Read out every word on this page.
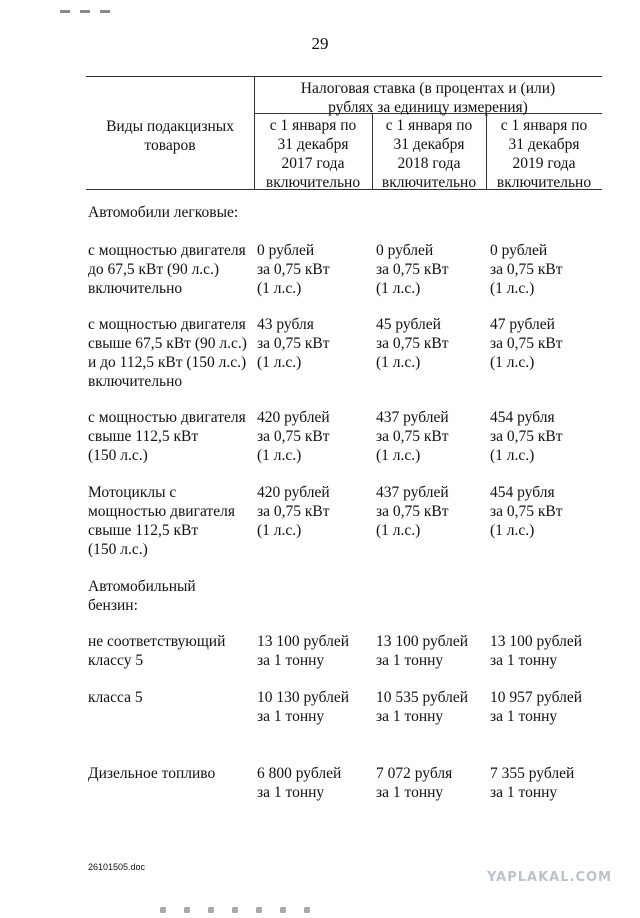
29
Виды подакцизных
товаров
Налоговая ставка (в процентах и (или)
рублях за единицу измерения)
с 1 января по
31 декабря
2017 года
включительно
с 1 января по
31 декабря
2018 года
включительно
с 1 января по
31 декабря
2019 года
включительно
Автомобили легковые:
с мощностью двигателя
до 67,5 кВт (90 л.с.)
включительно
0 рублей
за 0,75 кВт
(1 л.с.)
0 рублей
за 0,75 кВт
(1 л.с.)
0 рублей
за 0,75 кВт
(1 л.с.)
с мощностью двигателя
свыше 67,5 кВт (90 л.с.)
и до 112,5 кВт (150 л.с.)
включительно
43 рубля
за 0,75 кВт
(1 л.с.)
45 рублей
за 0,75 кВт
(1 л.с.)
47 рублей
за 0,75 кВт
(1 л.с.)
с мощностью двигателя
свыше 112,5 кВт
(150 л.с.)
420 рублей
за 0,75 кВт
(1 л.с.)
437 рублей
за 0,75 кВт
(1 л.с.)
454 рубля
за 0,75 кВт
(1 л.с.)
Мотоциклы с
мощностью двигателя
свыше 112,5 кВт
(150 л.с.)
420 рублей
за 0,75 кВт
(1 л.с.)
437 рублей
за 0,75 кВт
(1 л.с.)
454 рубля
за 0,75 кВт
(1 л.с.)
Автомобильный
бензин:
не соответствующий
классу 5
13 100 рублей
за 1 тонну
13 100 рублей
за 1 тонну
13 100 рублей
за 1 тонну
класса 5	10 130 рублей
за 1 тонну
10 535 рублей
за 1 тонну
10 957 рублей
за 1 тонну
Дизельное топливо	6 800 рублей
за 1 тонну
7 072 рубля
за 1 тонну
7 355 рублей
за 1 тонну
26101505.doc
YAPLAKAL.COM
